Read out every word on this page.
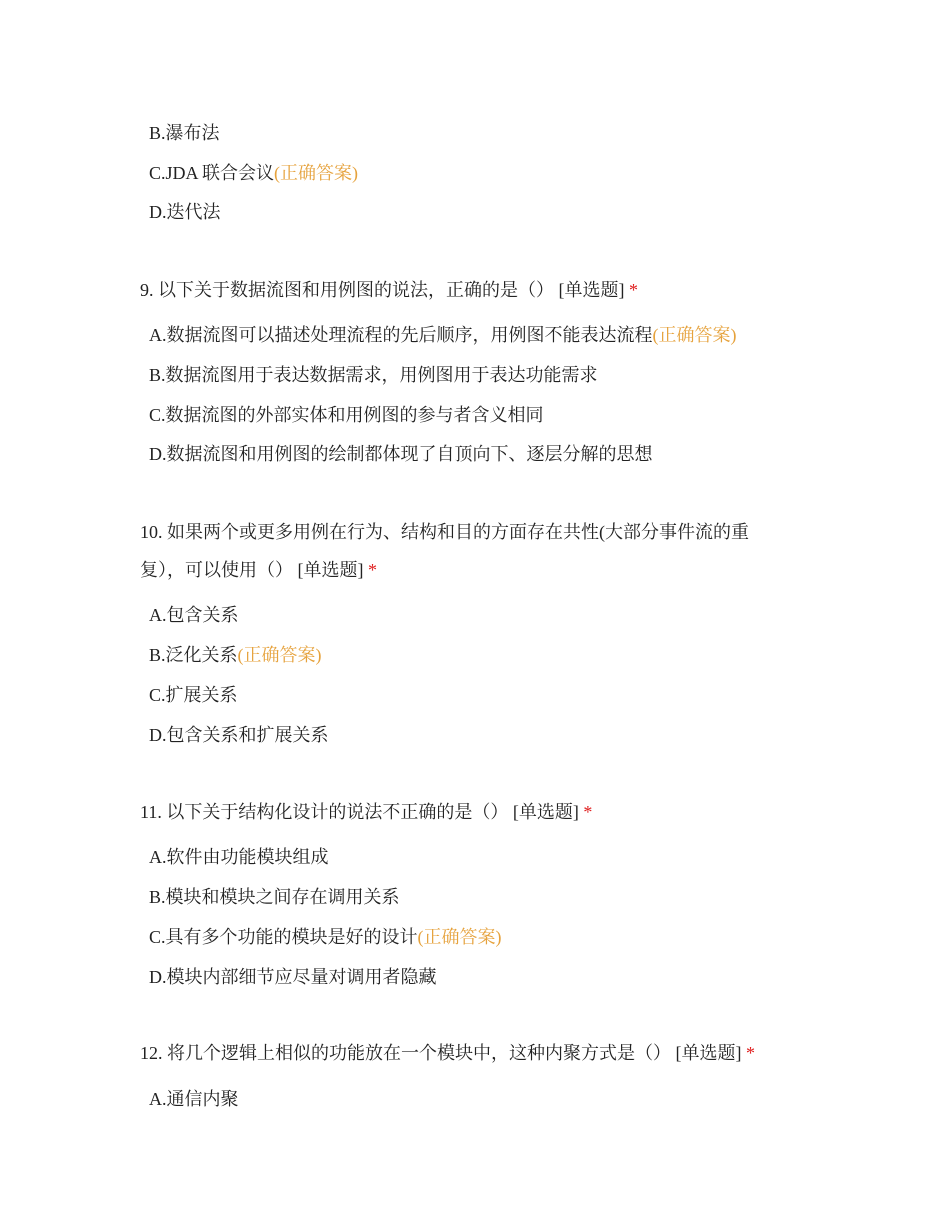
B.瀑布法
C.JDA 联合会议(正确答案)
D.迭代法
9. 以下关于数据流图和用例图的说法，正确的是（） [单选题] *
A.数据流图可以描述处理流程的先后顺序，用例图不能表达流程(正确答案)
B.数据流图用于表达数据需求，用例图用于表达功能需求
C.数据流图的外部实体和用例图的参与者含义相同
D.数据流图和用例图的绘制都体现了自顶向下、逐层分解的思想
10. 如果两个或更多用例在行为、结构和目的方面存在共性(大部分事件流的重
复），可以使用（） [单选题] *
A.包含关系
B.泛化关系(正确答案)
C.扩展关系
D.包含关系和扩展关系
11. 以下关于结构化设计的说法不正确的是（） [单选题] *
A.软件由功能模块组成
B.模块和模块之间存在调用关系
C.具有多个功能的模块是好的设计(正确答案)
D.模块内部细节应尽量对调用者隐藏
12. 将几个逻辑上相似的功能放在一个模块中，这种内聚方式是（） [单选题] *
A.通信内聚
